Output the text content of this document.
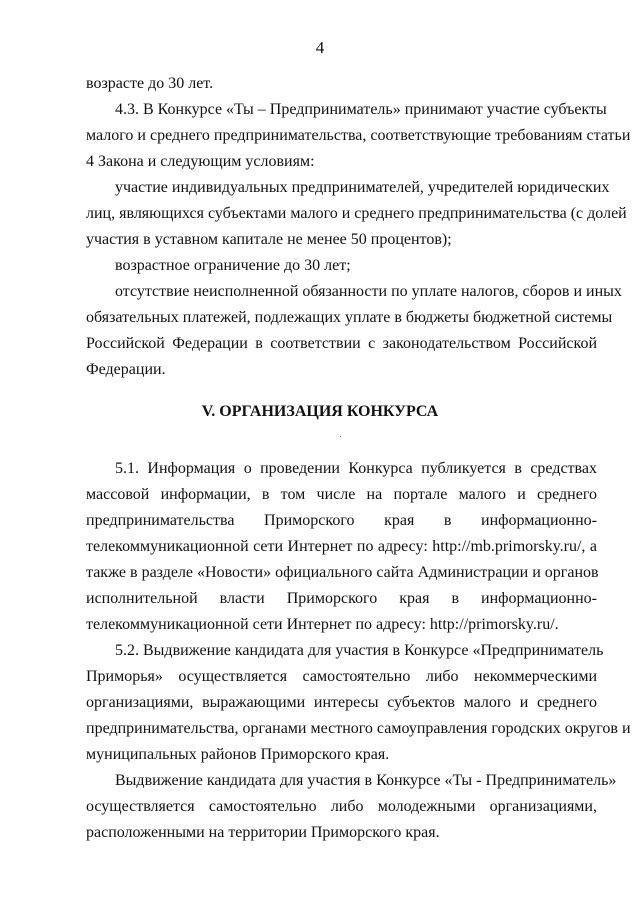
4
возрасте до 30 лет.
4.3. В Конкурсе «Ты – Предприниматель» принимают участие субъекты
малого и среднего предпринимательства, соответствующие требованиям статьи
4 Закона и следующим условиям:
участие индивидуальных предпринимателей, учредителей юридических
лиц, являющихся субъектами малого и среднего предпринимательства (с долей
участия в уставном капитале не менее 50 процентов);
возрастное ограничение до 30 лет;
отсутствие неисполненной обязанности по уплате налогов, сборов и иных
обязательных платежей, подлежащих уплате в бюджеты бюджетной системы
Российской Федерации в соответствии с законодательством Российской
Федерации.
V. ОРГАНИЗАЦИЯ КОНКУРСА
5.1. Информация о проведении Конкурса публикуется в средствах
массовой информации, в том числе на портале малого и среднего
предпринимательства Приморского края в информационно-
телекоммуникационной сети Интернет по адресу: http://mb.primorsky.ru/, а
также в разделе «Новости» официального сайта Администрации и органов
исполнительной власти Приморского края в информационно-
телекоммуникационной сети Интернет по адресу: http://primorsky.ru/.
5.2. Выдвижение кандидата для участия в Конкурсе «Предприниматель
Приморья» осуществляется самостоятельно либо некоммерческими
организациями, выражающими интересы субъектов малого и среднего
предпринимательства, органами местного самоуправления городских округов и
муниципальных районов Приморского края.
Выдвижение кандидата для участия в Конкурсе «Ты - Предприниматель»
осуществляется самостоятельно либо молодежными организациями,
расположенными на территории Приморского края.
